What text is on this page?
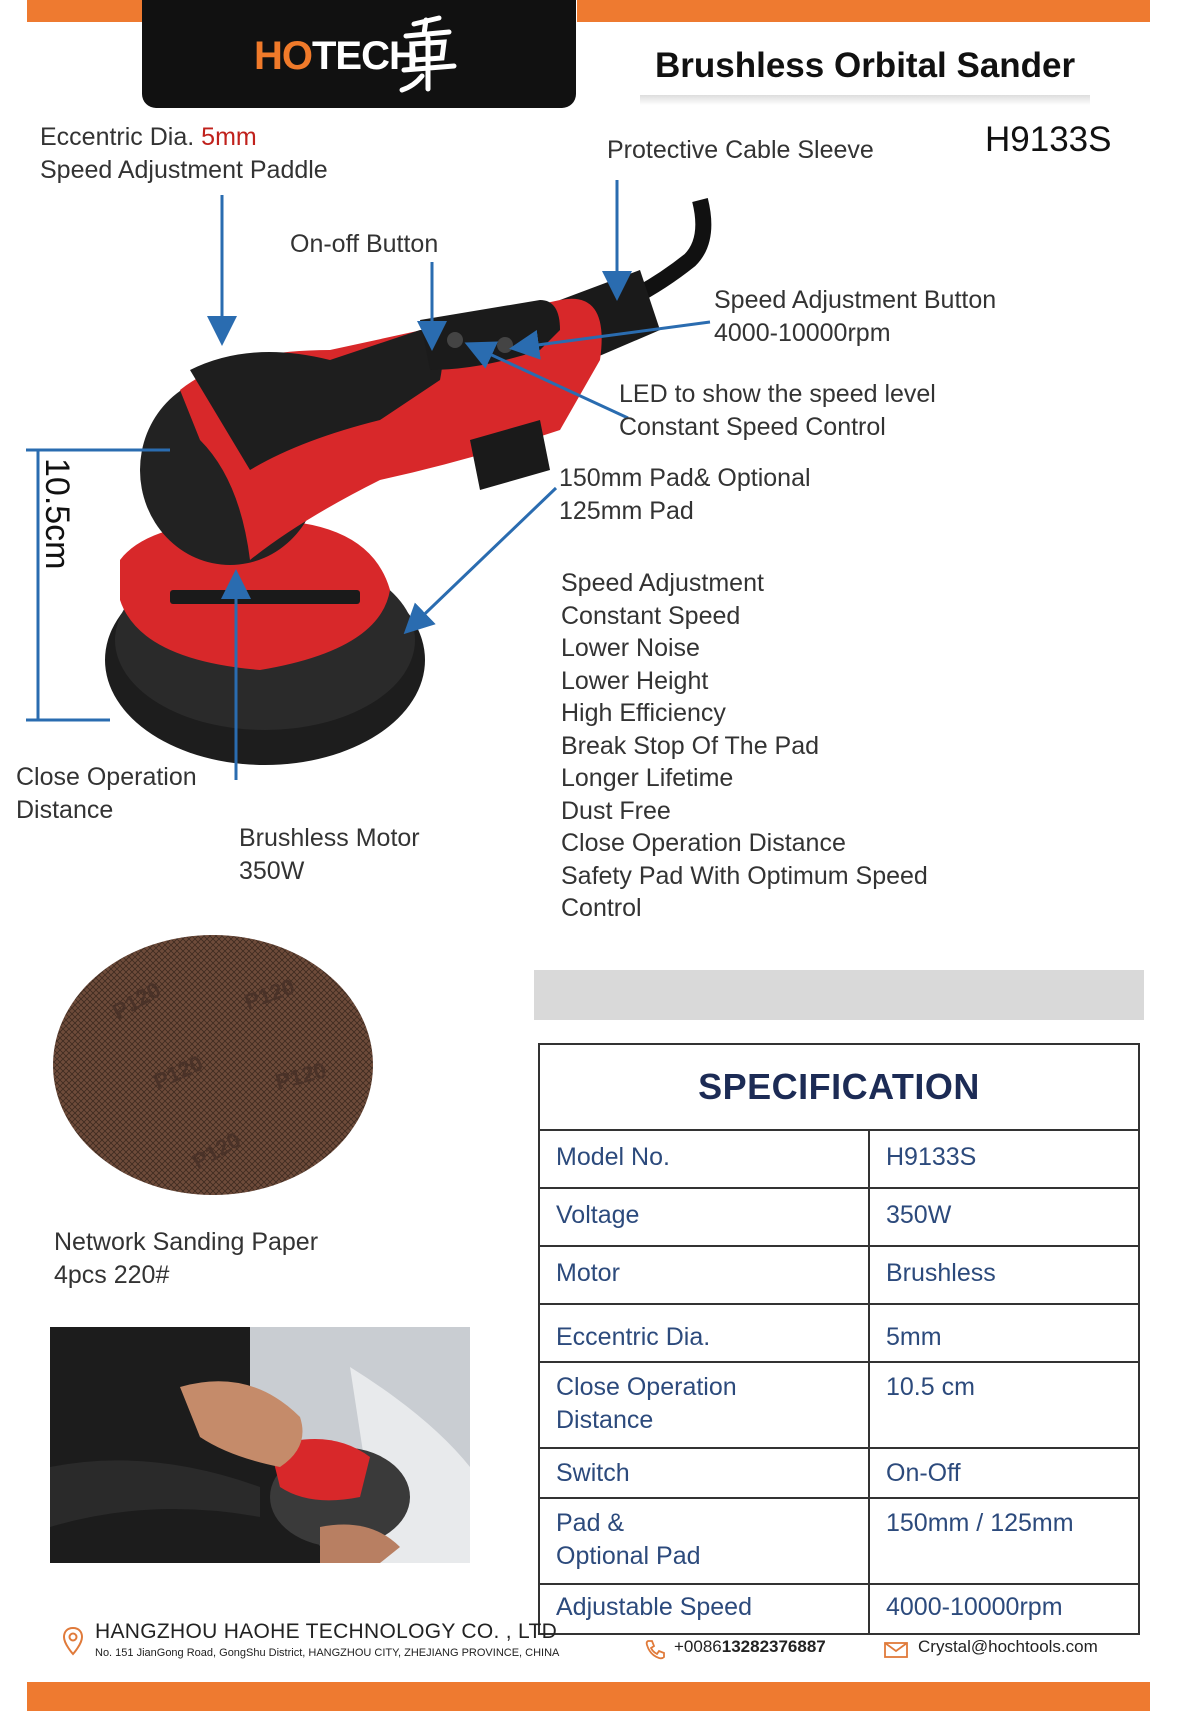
HOTECH	Brushless Orbital Sander
H9133S
Eccentric Dia. 5mm
Speed Adjustment Paddle
Protective Cable Sleeve
On-off Button
Speed Adjustment Button
4000-10000rpm
LED to show the speed level
Constant Speed Control
150mm Pad& Optional
125mm Pad
Close Operation
Distance
Brushless Motor
350W
10.5cm
Speed Adjustment
Constant Speed
Lower Noise
Lower Height
High Efficiency
Break Stop Of The Pad
Longer Lifetime
Dust Free
Close Operation Distance
Safety Pad With Optimum Speed
Control
P120	P120
P120	P120
P120
Network Sanding Paper
4pcs 220#
SPECIFICATION	
Model No.	H9133S
Voltage	350W
Motor	Brushless
Eccentric Dia.	5mm
Close Operation
Distance	10.5 cm
Switch	On-Off
Pad &
Optional Pad	150mm / 125mm
Adjustable Speed	4000-10000rpm
HANGZHOU HAOHE TECHNOLOGY CO. , LTD
No. 151 JianGong Road, GongShu District, HANGZHOU CITY, ZHEJIANG PROVINCE, CHINA	+008613282376887	Crystal@hochtools.com
